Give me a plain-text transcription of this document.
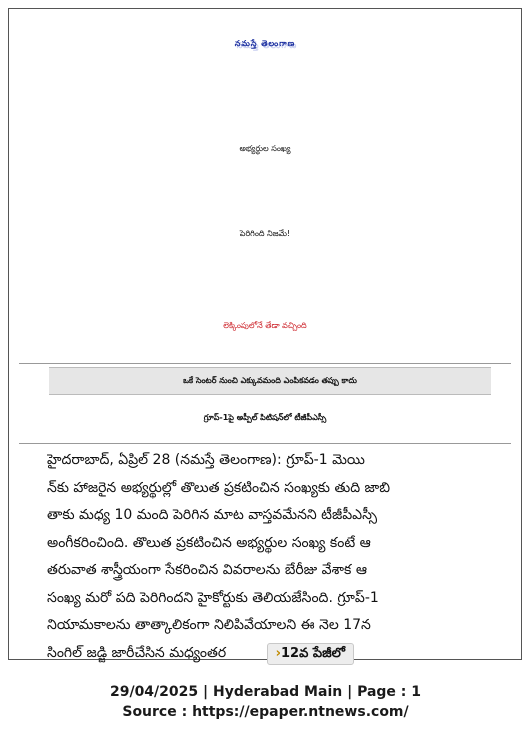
నమస్తే తెలంగాణ
అభ్యర్థుల సంఖ్య
పెరిగింది నిజమే!
లెక్కింపులోనే తేడా వచ్చింది
ఒకే సెంటర్ నుంచి ఎక్కువమంది ఎంపికవడం తప్పు కాదు
గ్రూప్-1పై అప్పీల్ పిటిషన్‌లో టీజీపీఎస్సీ
హైదరాబాద్, ఏప్రిల్ 28 (నమస్తే తెలంగాణ): గ్రూప్-1 మెయి
న్‌కు హాజరైన అభ్యర్థుల్లో తొలుత ప్రకటించిన సంఖ్యకు తుది జాబి
తాకు మధ్య 10 మంది పెరిగిన మాట వాస్తవమేనని టీజీపీఎస్సీ
అంగీకరించింది. తొలుత ప్రకటించిన అభ్యర్థుల సంఖ్య కంటే ఆ
తరువాత శాస్త్రీయంగా సేకరించిన వివరాలను బేరీజు వేశాక ఆ
సంఖ్య మరో పది పెరిగిందని హైకోర్టుకు తెలియజేసింది. గ్రూప్-1
నియామకాలను తాత్కాలికంగా నిలిపివేయాలని ఈ నెల 17న
సింగిల్ జడ్జి జారీచేసిన మధ్యంతర	›12వ పేజీలో
29/04/2025 | Hyderabad Main | Page : 1
Source : https://epaper.ntnews.com/
